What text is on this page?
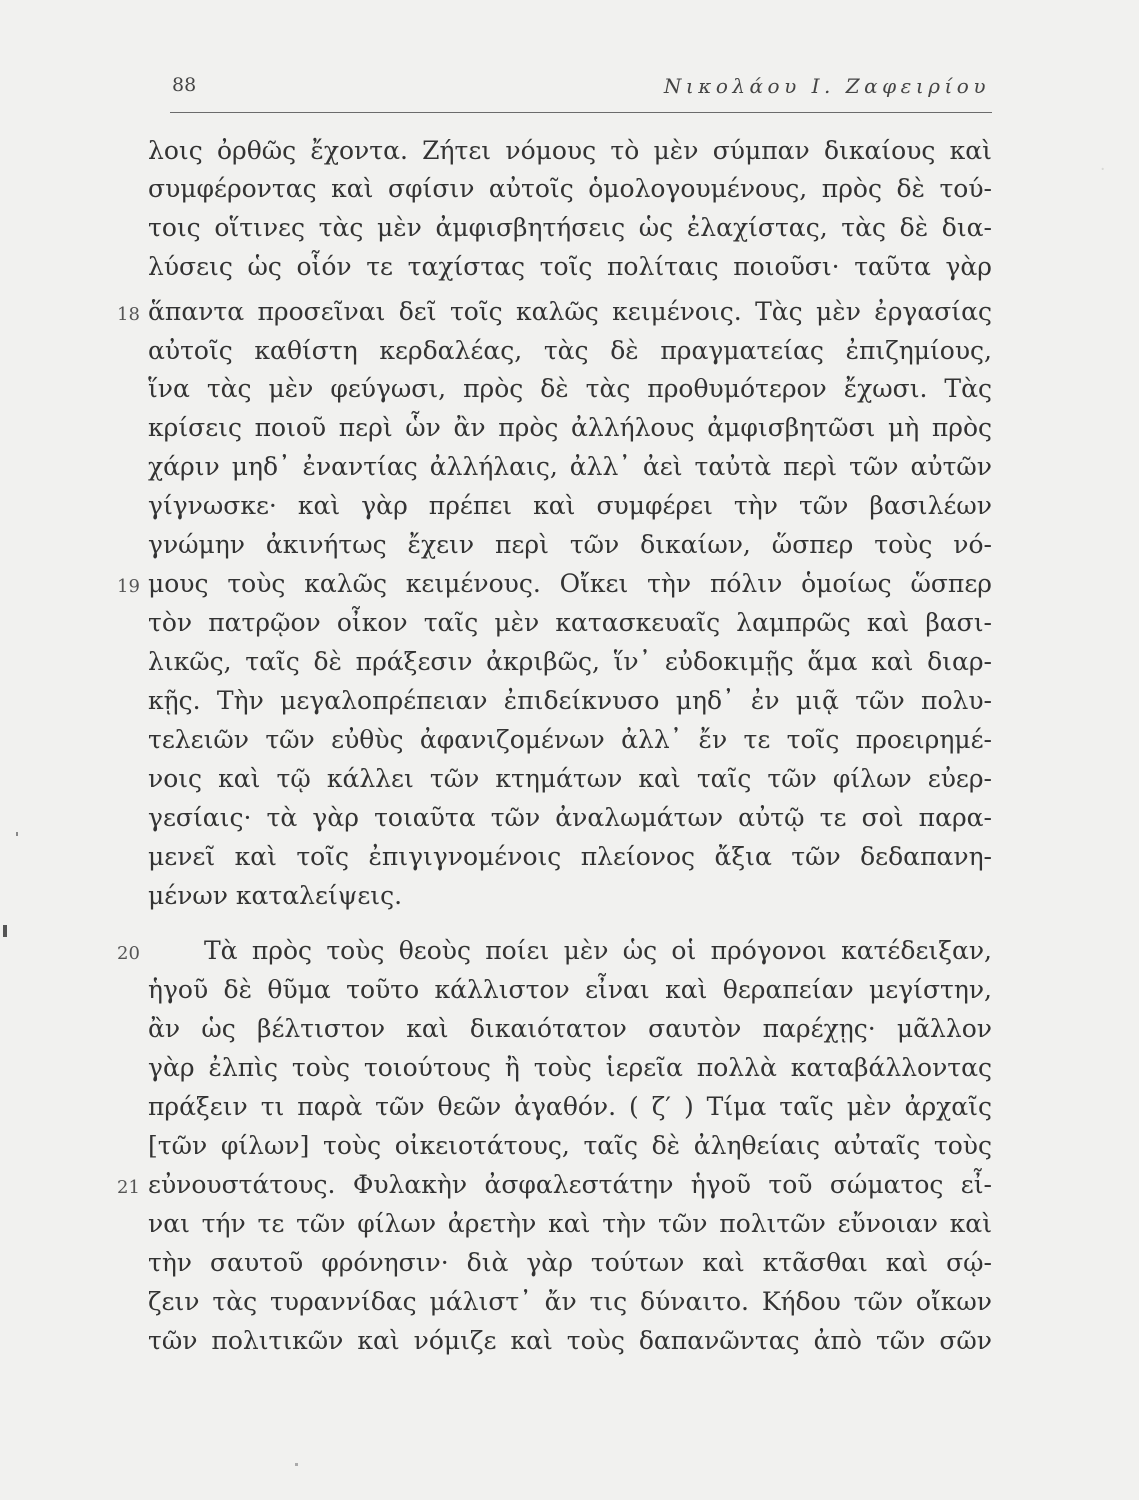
88	Νικολάου Ι. Ζαφειρίου
·
λοις ὀρθῶς ἔχοντα. Ζήτει νόμους τὸ μὲν σύμπαν δικαίους καὶ
συμφέροντας καὶ σφίσιν αὐτοῖς ὁμολογουμένους, πρὸς δὲ τού-
τοις οἵτινες τὰς μὲν ἀμφισβητήσεις ὡς ἐλαχίστας, τὰς δὲ δια-
λύσεις ὡς οἷόν τε ταχίστας τοῖς πολίταις ποιοῦσι· ταῦτα γὰρ
18 ἅπαντα προσεῖναι δεῖ τοῖς καλῶς κειμένοις. Τὰς μὲν ἐργασίας
αὐτοῖς καθίστη κερδαλέας, τὰς δὲ πραγματείας ἐπιζημίους,
ἵνα τὰς μὲν φεύγωσι, πρὸς δὲ τὰς προθυμότερον ἔχωσι. Τὰς
κρίσεις ποιοῦ περὶ ὧν ἂν πρὸς ἀλλήλους ἀμφισβητῶσι μὴ πρὸς
χάριν μηδ᾽ ἐναντίας ἀλλήλαις, ἀλλ᾽ ἀεὶ ταὐτὰ περὶ τῶν αὐτῶν
γίγνωσκε· καὶ γὰρ πρέπει καὶ συμφέρει τὴν τῶν βασιλέων
γνώμην ἀκινήτως ἔχειν περὶ τῶν δικαίων, ὥσπερ τοὺς νό-
19 μους τοὺς καλῶς κειμένους. Οἴκει τὴν πόλιν ὁμοίως ὥσπερ
τὸν πατρῷον οἶκον ταῖς μὲν κατασκευαῖς λαμπρῶς καὶ βασι-
λικῶς, ταῖς δὲ πράξεσιν ἀκριβῶς, ἵν᾽ εὐδοκιμῇς ἅμα καὶ διαρ-
κῇς. Τὴν μεγαλοπρέπειαν ἐπιδείκνυσο μηδ᾽ ἐν μιᾷ τῶν πολυ-
τελειῶν τῶν εὐθὺς ἀφανιζομένων ἀλλ᾽ ἔν τε τοῖς προειρημέ-
νοις καὶ τῷ κάλλει τῶν κτημάτων καὶ ταῖς τῶν φίλων εὐερ-
γεσίαις· τὰ γὰρ τοιαῦτα τῶν ἀναλωμάτων αὐτῷ τε σοὶ παρα-
μενεῖ καὶ τοῖς ἐπιγιγνομένοις πλείονος ἄξια τῶν δεδαπανη-
μένων καταλείψεις.
20	Τὰ πρὸς τοὺς θεοὺς ποίει μὲν ὡς οἱ πρόγονοι κατέδειξαν,
ἡγοῦ δὲ θῦμα τοῦτο κάλλιστον εἶναι καὶ θεραπείαν μεγίστην,
ἂν ὡς βέλτιστον καὶ δικαιότατον σαυτὸν παρέχῃς· μᾶλλον
γὰρ ἐλπὶς τοὺς τοιούτους ἢ τοὺς ἱερεῖα πολλὰ καταβάλλοντας
πράξειν τι παρὰ τῶν θεῶν ἀγαθόν. ( ζ′ ) Τίμα ταῖς μὲν ἀρχαῖς
[τῶν φίλων] τοὺς οἰκειοτάτους, ταῖς δὲ ἀληθείαις αὐταῖς τοὺς
21 εὐνουστάτους. Φυλακὴν ἀσφαλεστάτην ἡγοῦ τοῦ σώματος εἶ-
ναι τήν τε τῶν φίλων ἀρετὴν καὶ τὴν τῶν πολιτῶν εὔνοιαν καὶ
τὴν σαυτοῦ φρόνησιν· διὰ γὰρ τούτων καὶ κτᾶσθαι καὶ σῴ-
ζειν τὰς τυραννίδας μάλιστ᾽ ἄν τις δύναιτο. Κήδου τῶν οἴκων
τῶν πολιτικῶν καὶ νόμιζε καὶ τοὺς δαπανῶντας ἀπὸ τῶν σῶν
